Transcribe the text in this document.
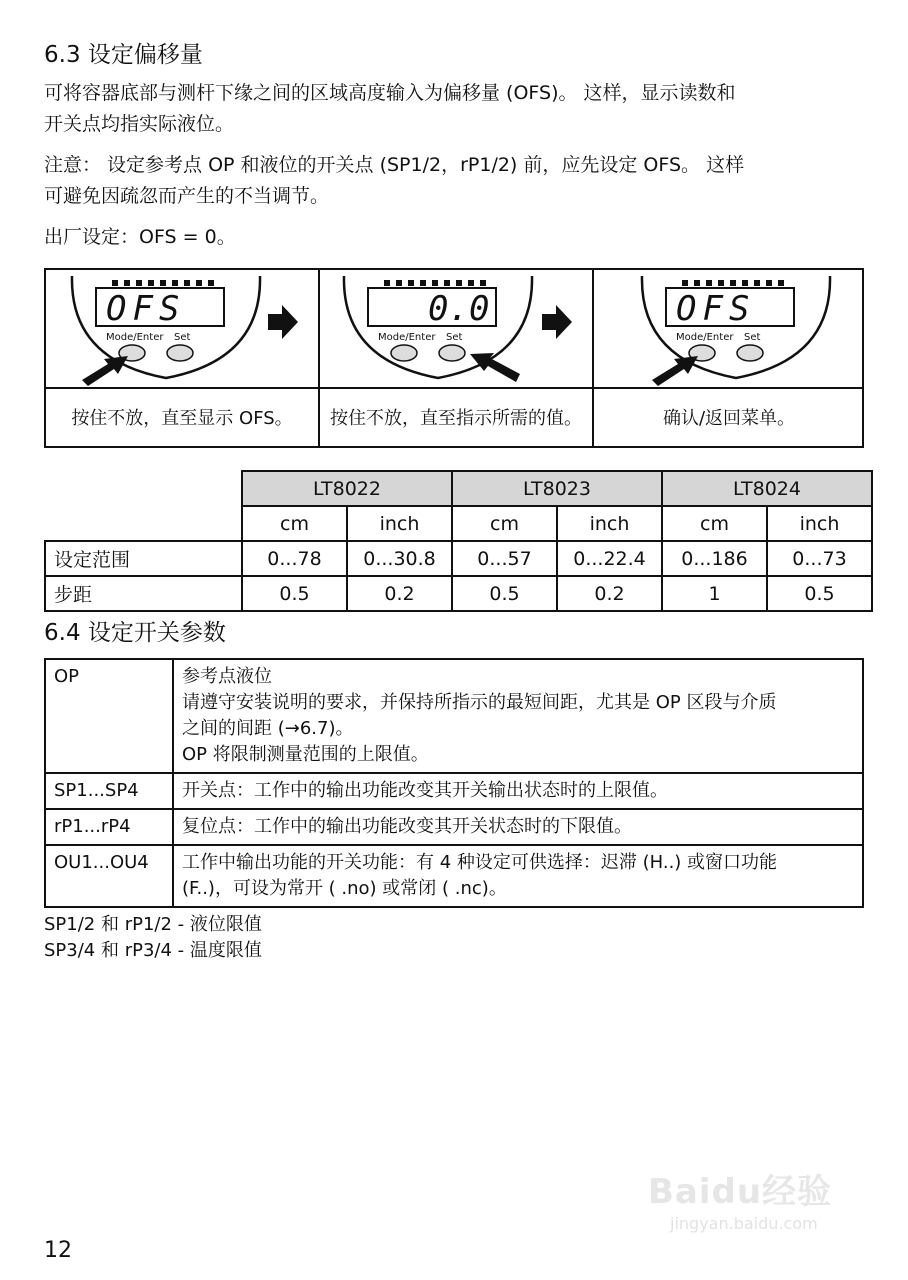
6.3 设定偏移量
可将容器底部与测杆下缘之间的区域高度输入为偏移量 (OFS)。 这样，显示读数和
开关点均指实际液位。
注意： 设定参考点 OP 和液位的开关点 (SP1/2，rP1/2) 前，应先设定 OFS。 这样
可避免因疏忽而产生的不当调节。
出厂设定：OFS = 0。
OFS
Mode/Enter Set
按住不放，直至显示 OFS。
0.0
Mode/Enter Set
按住不放，直至指示所需的值。
OFS
Mode/Enter Set
确认/返回菜单。
	LT8022		LT8023		LT8024	
	cm	inch	cm	inch	cm	inch
设定范围	0...78	0...30.8	0...57	0...22.4	0...186	0...73
步距	0.5	0.2	0.5	0.2	1	0.5
6.4 设定开关参数
OP	参考点液位
请遵守安装说明的要求，并保持所指示的最短间距，尤其是 OP 区段与介质
之间的间距 (→6.7)。
OP 将限制测量范围的上限值。

SP1...SP4	开关点：工作中的输出功能改变其开关输出状态时的上限值。

rP1...rP4	复位点：工作中的输出功能改变其开关状态时的下限值。

OU1...OU4	工作中输出功能的开关功能：有 4 种设定可供选择：迟滞 (H..) 或窗口功能
(F..)，可设为常开 ( .no) 或常闭 ( .nc)。
SP1/2 和 rP1/2 - 液位限值
SP3/4 和 rP3/4 - 温度限值
Baidu经验
jingyan.baidu.com
12
